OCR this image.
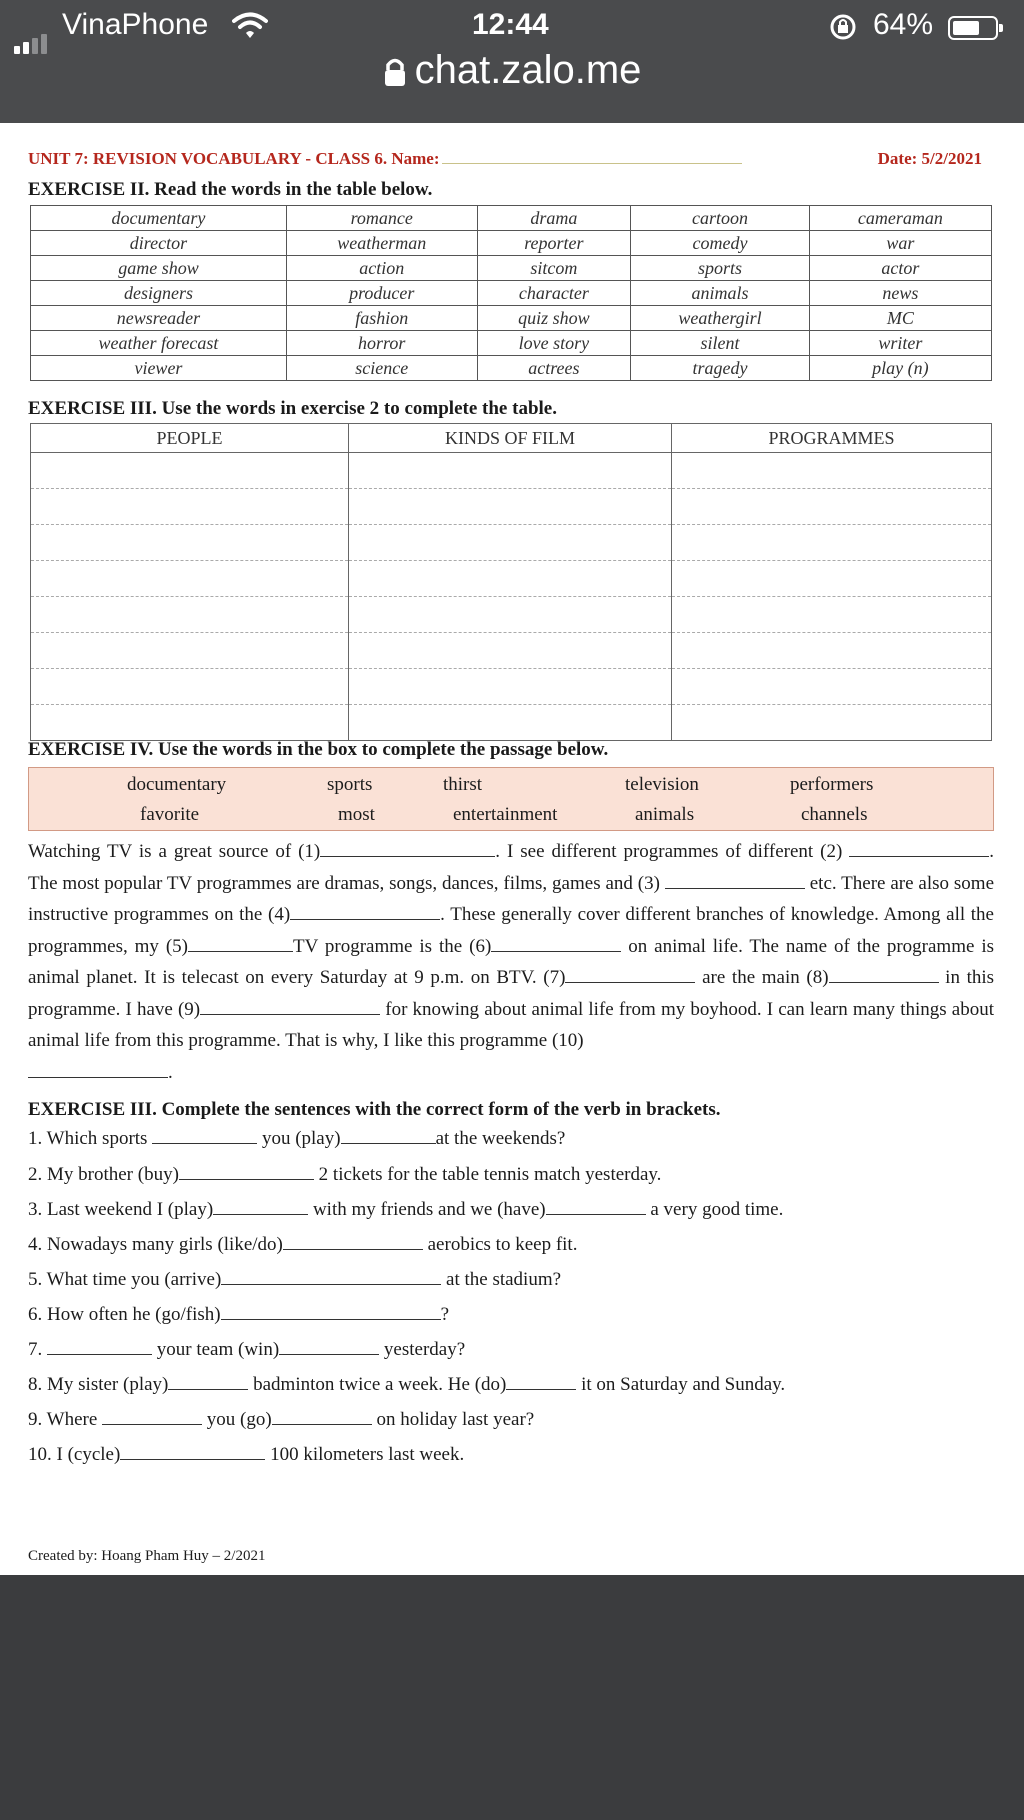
VinaPhone	12:44	64%
chat.zalo.me
UNIT 7: REVISION VOCABULARY - CLASS 6. Name:	Date: 5/2/2021
EXERCISE II. Read the words in the table below.
documentary	romance	drama	cartoon	cameraman
director	weatherman	reporter	comedy	war
game show	action	sitcom	sports	actor
designers	producer	character	animals	news
newsreader	fashion	quiz show	weathergirl	MC
weather forecast	horror	love story	silent	writer
viewer	science	actrees	tragedy	play (n)
EXERCISE III. Use the words in exercise 2 to complete the table.
PEOPLE	KINDS OF FILM	PROGRAMMES

EXERCISE IV. Use the words in the box to complete the passage below.
documentary	sports	thirst	television	performers
favorite	most	entertainment	animals	channels
Watching TV is a great source of (1)	. I see different programmes of different (2)	. The most popular TV programmes are dramas, songs, dances, films, games and (3)	etc. There are also some instructive programmes on the (4)	. These generally cover different branches of knowledge. Among all the programmes, my (5)	TV programme is the (6)	on animal life. The name of the programme is animal planet. It is telecast on every Saturday at 9 p.m. on BTV. (7)	are the main (8)	in this programme. I have (9)	for knowing about animal life from my boyhood. I can learn many things about animal life from this programme. That is why, I like this programme (10)
.
EXERCISE III. Complete the sentences with the correct form of the verb in brackets.
1. Which sports	you (play)	at the weekends?
2. My brother (buy)	2 tickets for the table tennis match yesterday.
3. Last weekend I (play)	with my friends and we (have)	a very good time.
4. Nowadays many girls (like/do)	aerobics to keep fit.
5. What time you (arrive)	at the stadium?
6. How often he (go/fish)	?
7.	your team (win)	yesterday?
8. My sister (play)	badminton twice a week. He (do)	it on Saturday and Sunday.
9. Where	you (go)	on holiday last year?
10. I (cycle)	100 kilometers last week.
Created by: Hoang Pham Huy – 2/2021
